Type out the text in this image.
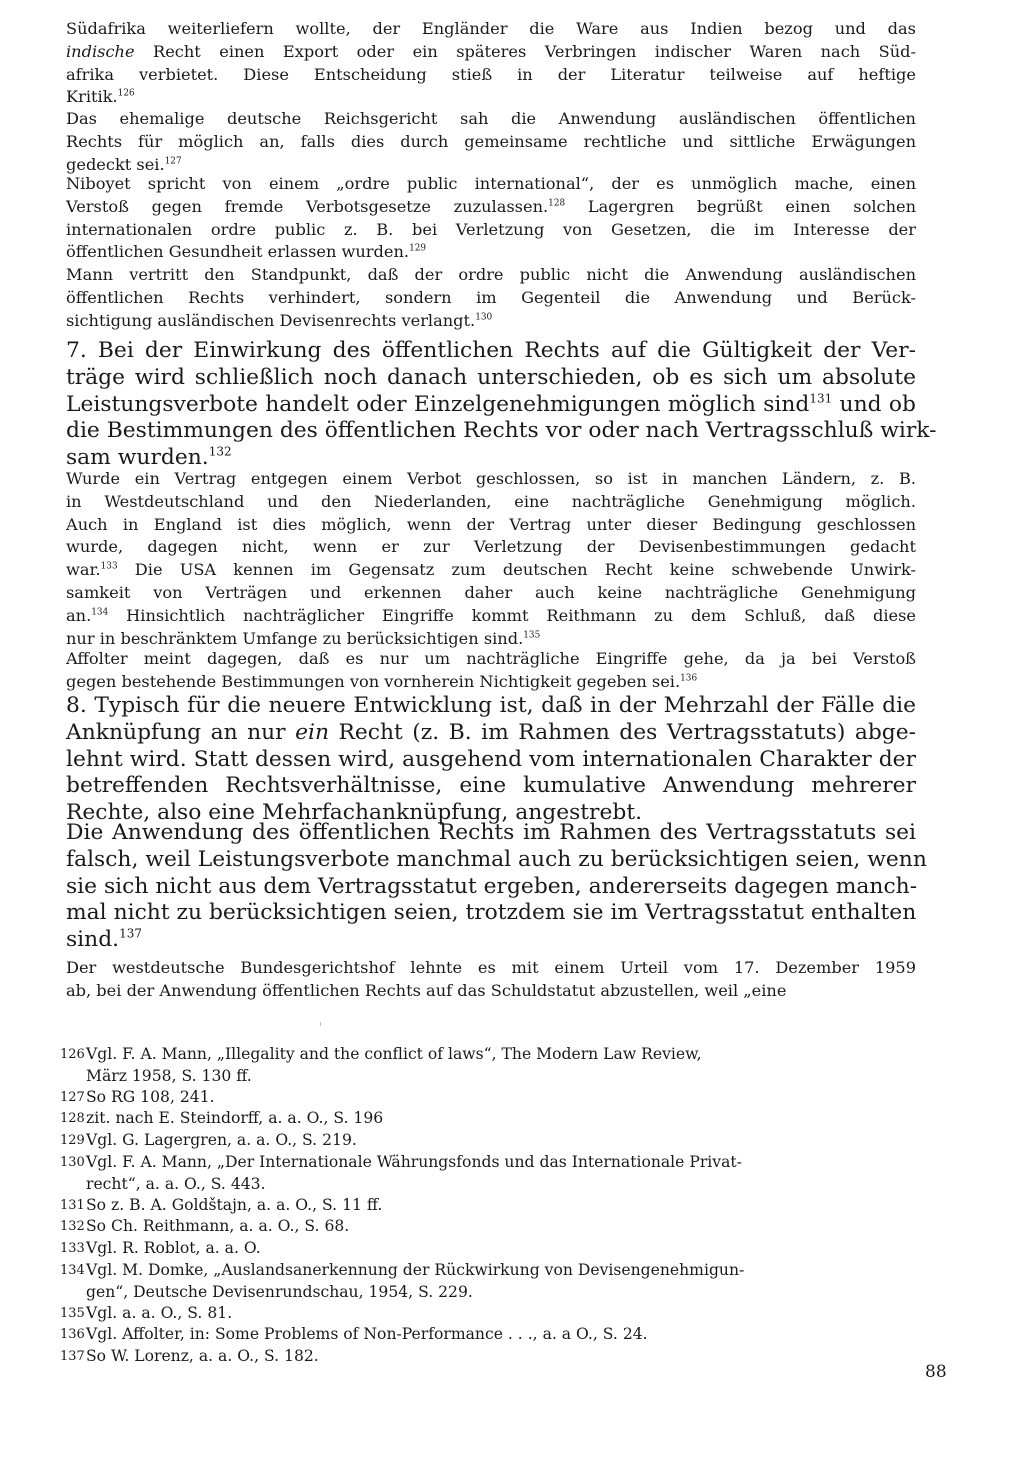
Südafrika weiterliefern wollte, der Engländer die Ware aus Indien bezog und das
indische Recht einen Export oder ein späteres Verbringen indischer Waren nach Süd-
afrika verbietet. Diese Entscheidung stieß in der Literatur teilweise auf heftige
Kritik.$^{126}$
Das ehemalige deutsche Reichsgericht sah die Anwendung ausländischen öffentlichen
Rechts für möglich an, falls dies durch gemeinsame rechtliche und sittliche Erwägungen
gedeckt sei.$^{127}$
Niboyet spricht von einem „ordre public international“, der es unmöglich mache, einen
Verstoß gegen fremde Verbotsgesetze zuzulassen.$^{128}$ Lagergren begrüßt einen solchen
internationalen ordre public z. B. bei Verletzung von Gesetzen, die im Interesse der
öffentlichen Gesundheit erlassen wurden.$^{129}$
Mann vertritt den Standpunkt, daß der ordre public nicht die Anwendung ausländischen
öffentlichen Rechts verhindert, sondern im Gegenteil die Anwendung und Berück-
sichtigung ausländischen Devisenrechts verlangt.$^{130}$
7. Bei der Einwirkung des öffentlichen Rechts auf die Gültigkeit der Ver-
träge wird schließlich noch danach unterschieden, ob es sich um absolute
Leistungsverbote handelt oder Einzelgenehmigungen möglich sind$^{131}$ und ob
die Bestimmungen des öffentlichen Rechts vor oder nach Vertragsschluß wirk-
sam wurden.$^{132}$
Wurde ein Vertrag entgegen einem Verbot geschlossen, so ist in manchen Ländern, z. B.
in Westdeutschland und den Niederlanden, eine nachträgliche Genehmigung möglich.
Auch in England ist dies möglich, wenn der Vertrag unter dieser Bedingung geschlossen
wurde, dagegen nicht, wenn er zur Verletzung der Devisenbestimmungen gedacht
war.$^{133}$ Die USA kennen im Gegensatz zum deutschen Recht keine schwebende Unwirk-
samkeit von Verträgen und erkennen daher auch keine nachträgliche Genehmigung
an.$^{134}$ Hinsichtlich nachträglicher Eingriffe kommt Reithmann zu dem Schluß, daß diese
nur in beschränktem Umfange zu berücksichtigen sind.$^{135}$
Affolter meint dagegen, daß es nur um nachträgliche Eingriffe gehe, da ja bei Verstoß
gegen bestehende Bestimmungen von vornherein Nichtigkeit gegeben sei.$^{136}$
8. Typisch für die neuere Entwicklung ist, daß in der Mehrzahl der Fälle die
Anknüpfung an nur ein Recht (z. B. im Rahmen des Vertragsstatuts) abge-
lehnt wird. Statt dessen wird, ausgehend vom internationalen Charakter der
betreffenden Rechtsverhältnisse, eine kumulative Anwendung mehrerer
Rechte, also eine Mehrfachanknüpfung, angestrebt.
Die Anwendung des öffentlichen Rechts im Rahmen des Vertragsstatuts sei
falsch, weil Leistungsverbote manchmal auch zu berücksichtigen seien, wenn
sie sich nicht aus dem Vertragsstatut ergeben, andererseits dagegen manch-
mal nicht zu berücksichtigen seien, trotzdem sie im Vertragsstatut enthalten
sind.$^{137}$
Der westdeutsche Bundesgerichtshof lehnte es mit einem Urteil vom 17. Dezember 1959
ab, bei der Anwendung öffentlichen Rechts auf das Schuldstatut abzustellen, weil „eine
126Vgl. F. A. Mann, „Illegality and the conflict of laws“, The Modern Law Review,
März 1958, S. 130 ff.
127So RG 108, 241.
128zit. nach E. Steindorff, a. a. O., S. 196
129Vgl. G. Lagergren, a. a. O., S. 219.
130Vgl. F. A. Mann, „Der Internationale Währungsfonds und das Internationale Privat-
recht“, a. a. O., S. 443.
131So z. B. A. Goldštajn, a. a. O., S. 11 ff.
132So Ch. Reithmann, a. a. O., S. 68.
133Vgl. R. Roblot, a. a. O.
134Vgl. M. Domke, „Auslandsanerkennung der Rückwirkung von Devisengenehmigun-
gen“, Deutsche Devisenrundschau, 1954, S. 229.
135Vgl. a. a. O., S. 81.
136Vgl. Affolter, in: Some Problems of Non-Performance . . ., a. a O., S. 24.
137So W. Lorenz, a. a. O., S. 182.
88
